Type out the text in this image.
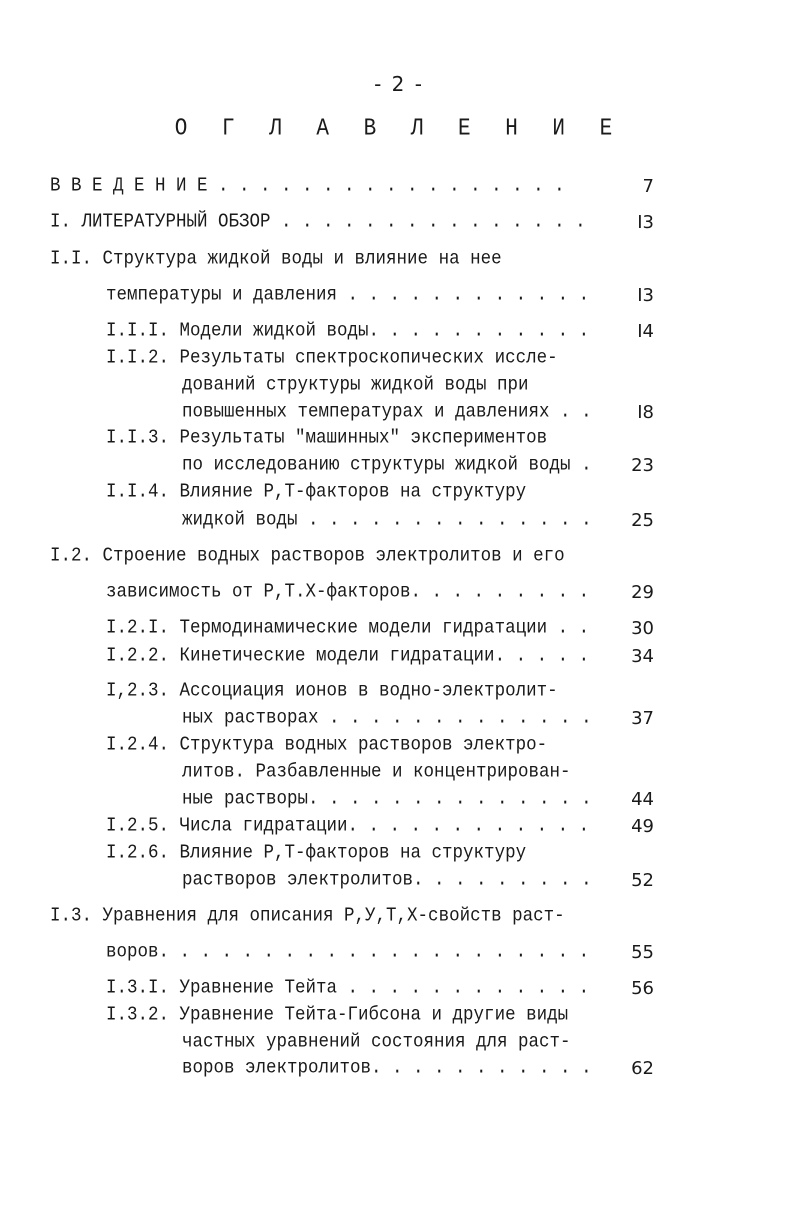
- 2 -
О Г Л А В Л Е Н И Е
В В Е Д Е Н И Е . . . . . . . . . . . . . . . . .	7
I. ЛИТЕРАТУРНЫЙ ОБЗОР . . . . . . . . . . . . . . .	I3
I.I. Структура жидкой воды и влияние на нее
температуры и давления . . . . . . . . . . . .	I3
I.I.I. Модели жидкой воды. . . . . . . . . . .	I4
I.I.2. Результаты спектроскопических иссле-
дований структуры жидкой воды при
повышенных температурах и давлениях . .	I8
I.I.3. Результаты "машинных" экспериментов
по исследованию структуры жидкой воды .	23
I.I.4. Влияние Р,Т-факторов на структуру
жидкой воды . . . . . . . . . . . . . .	25
I.2. Строение водных растворов электролитов и его
зависимость от Р,Т.Х-факторов. . . . . . . . .	29
I.2.I. Термодинамические модели гидратации . .	30
I.2.2. Кинетические модели гидратации. . . . .	34
I,2.3. Ассоциация ионов в водно-электролит-
ных растворах . . . . . . . . . . . . .	37
I.2.4. Структура водных растворов электро-
литов. Разбавленные и концентрирован-
ные растворы. . . . . . . . . . . . . .	44
I.2.5. Числа гидратации. . . . . . . . . . . .	49
I.2.6. Влияние Р,Т-факторов на структуру
растворов электролитов. . . . . . . . .	52
I.3. Уравнения для описания Р,У,Т,Х-свойств раст-
воров. . . . . . . . . . . . . . . . . . . . .	55
I.3.I. Уравнение Тейта . . . . . . . . . . . .	56
I.3.2. Уравнение Тейта-Гибсона и другие виды
частных уравнений состояния для раст-
воров электролитов. . . . . . . . . . .	62
